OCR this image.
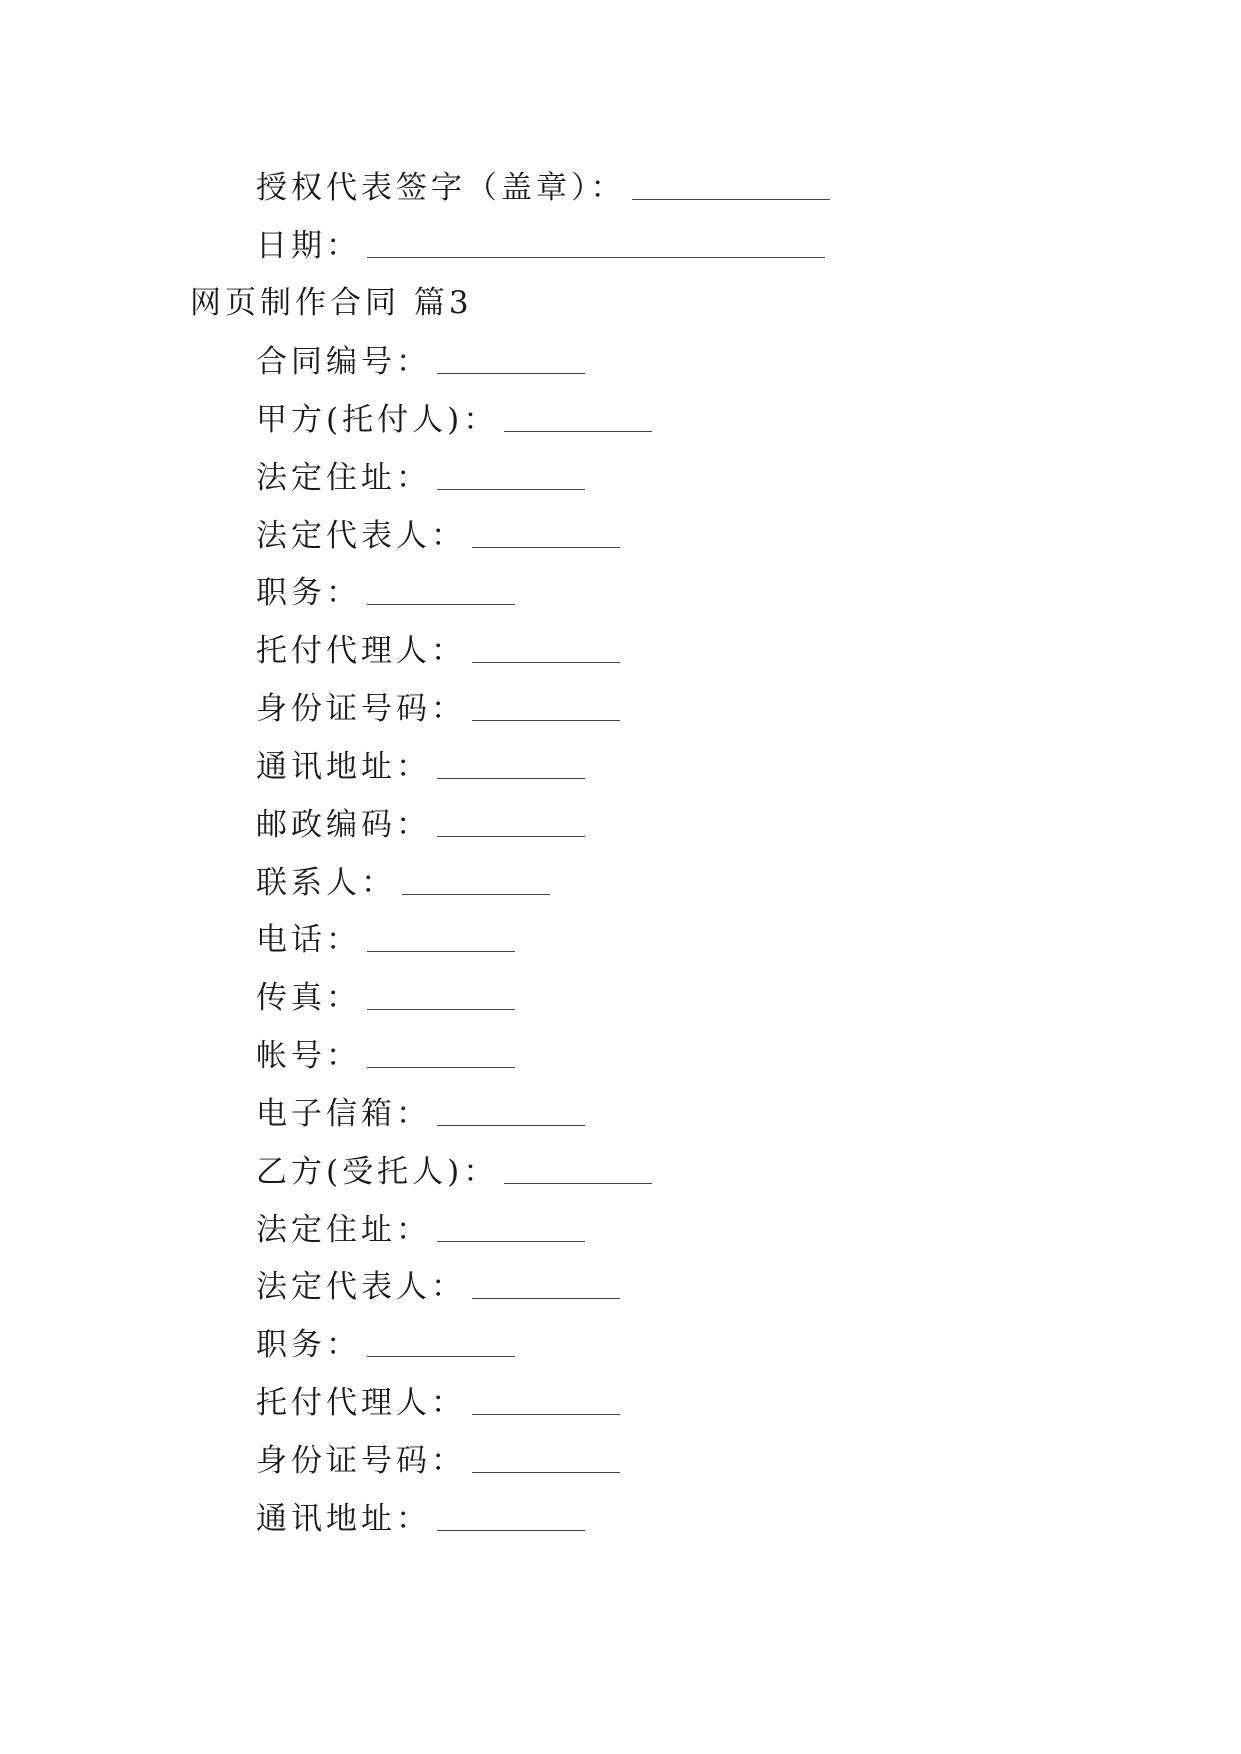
授权代表签字（盖章）：
日期：
网页制作合同 篇3
合同编号：
甲方(托付人)：
法定住址：
法定代表人：
职务：
托付代理人：
身份证号码：
通讯地址：
邮政编码：
联系人：
电话：
传真：
帐号：
电子信箱：
乙方(受托人)：
法定住址：
法定代表人：
职务：
托付代理人：
身份证号码：
通讯地址：
